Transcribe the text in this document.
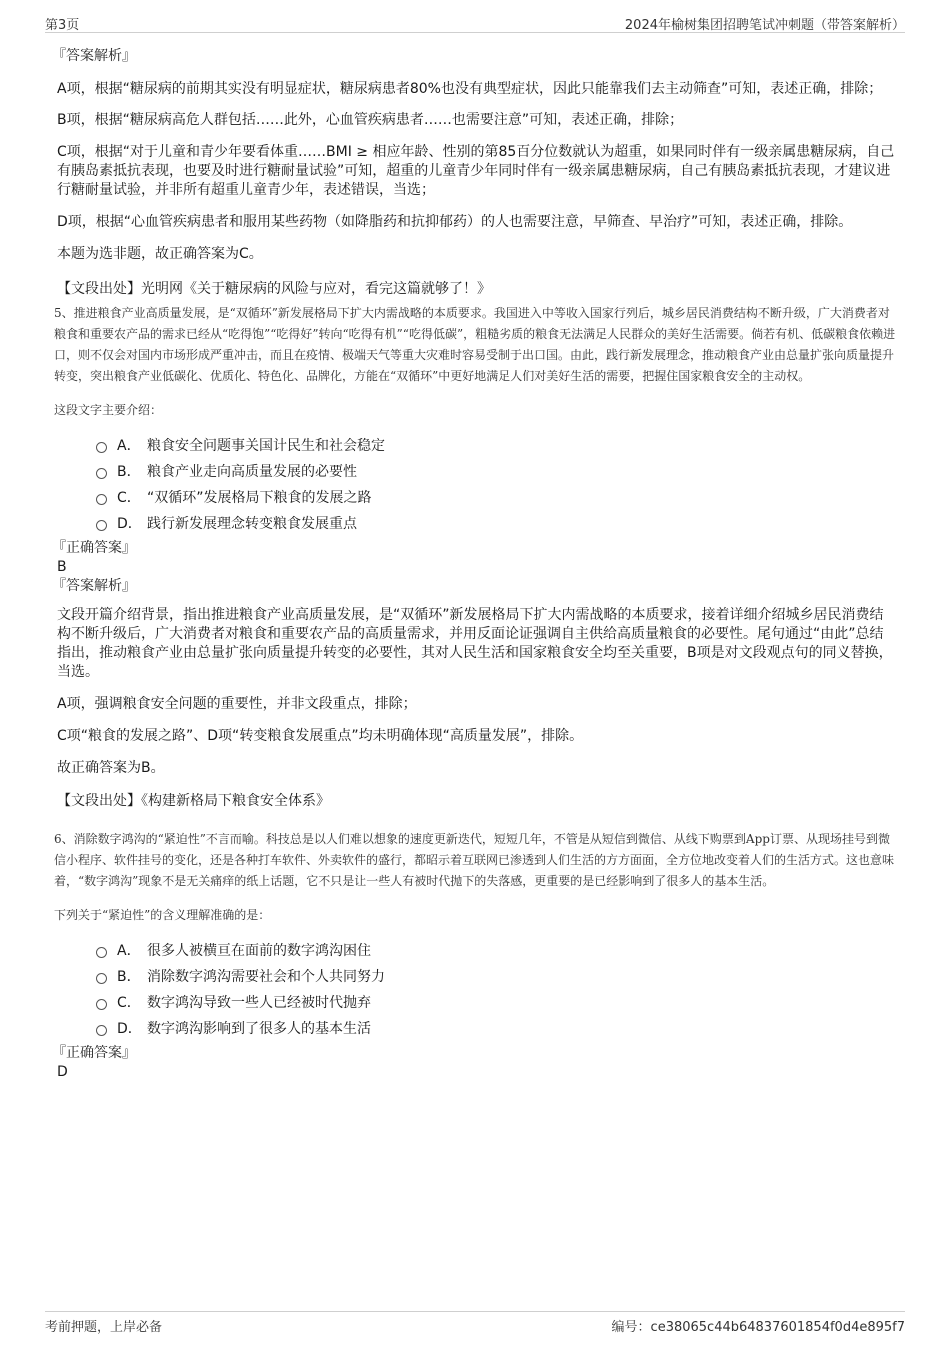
第3页	2024年榆树集团招聘笔试冲刺题（带答案解析）

『答案解析』

A项，根据“糖尿病的前期其实没有明显症状，糖尿病患者80%也没有典型症状，因此只能靠我们去主动筛查”可知，表述正确，排除；

B项，根据“糖尿病高危人群包括……此外，心血管疾病患者……也需要注意”可知，表述正确，排除；

C项，根据“对于儿童和青少年要看体重……BMI ≥ 相应年龄、性别的第85百分位数就认为超重，如果同时伴有一级亲属患糖尿病，自己有胰岛素抵抗表现，也要及时进行糖耐量试验”可知，超重的儿童青少年同时伴有一级亲属患糖尿病，自己有胰岛素抵抗表现，才建议进行糖耐量试验，并非所有超重儿童青少年，表述错误，当选；

D项，根据“心血管疾病患者和服用某些药物（如降脂药和抗抑郁药）的人也需要注意，早筛查、早治疗”可知，表述正确，排除。

本题为选非题，故正确答案为C。

【文段出处】光明网《关于糖尿病的风险与应对，看完这篇就够了！》

5、推进粮食产业高质量发展，是“双循环”新发展格局下扩大内需战略的本质要求。我国进入中等收入国家行列后，城乡居民消费结构不断升级，广大消费者对粮食和重要农产品的需求已经从“吃得饱”“吃得好”转向“吃得有机”“吃得低碳”，粗糙劣质的粮食无法满足人民群众的美好生活需要。倘若有机、低碳粮食依赖进口，则不仅会对国内市场形成严重冲击，而且在疫情、极端天气等重大灾难时容易受制于出口国。由此，践行新发展理念，推动粮食产业由总量扩张向质量提升转变，突出粮食产业低碳化、优质化、特色化、品牌化，方能在“双循环”中更好地满足人们对美好生活的需要，把握住国家粮食安全的主动权。

这段文字主要介绍：

A． 粮食安全问题事关国计民生和社会稳定
B． 粮食产业走向高质量发展的必要性
C． “双循环”发展格局下粮食的发展之路
D． 践行新发展理念转变粮食发展重点

『正确答案』

B

『答案解析』

文段开篇介绍背景，指出推进粮食产业高质量发展，是“双循环”新发展格局下扩大内需战略的本质要求，接着详细介绍城乡居民消费结构不断升级后，广大消费者对粮食和重要农产品的高质量需求，并用反面论证强调自主供给高质量粮食的必要性。尾句通过“由此”总结指出，推动粮食产业由总量扩张向质量提升转变的必要性，其对人民生活和国家粮食安全均至关重要，B项是对文段观点句的同义替换，当选。

A项，强调粮食安全问题的重要性，并非文段重点，排除；

C项“粮食的发展之路”、D项“转变粮食发展重点”均未明确体现“高质量发展”，排除。

故正确答案为B。

【文段出处】《构建新格局下粮食安全体系》

6、消除数字鸿沟的“紧迫性”不言而喻。科技总是以人们难以想象的速度更新迭代，短短几年，不管是从短信到微信、从线下购票到App订票、从现场挂号到微信小程序、软件挂号的变化，还是各种打车软件、外卖软件的盛行，都昭示着互联网已渗透到人们生活的方方面面，全方位地改变着人们的生活方式。这也意味着，“数字鸿沟”现象不是无关痛痒的纸上话题，它不只是让一些人有被时代抛下的失落感，更重要的是已经影响到了很多人的基本生活。

下列关于“紧迫性”的含义理解准确的是：

A． 很多人被横亘在面前的数字鸿沟困住
B． 消除数字鸿沟需要社会和个人共同努力
C． 数字鸿沟导致一些人已经被时代抛弃
D． 数字鸿沟影响到了很多人的基本生活

『正确答案』

D

考前押题，上岸必备	编号：ce38065c44b64837601854f0d4e895f7
